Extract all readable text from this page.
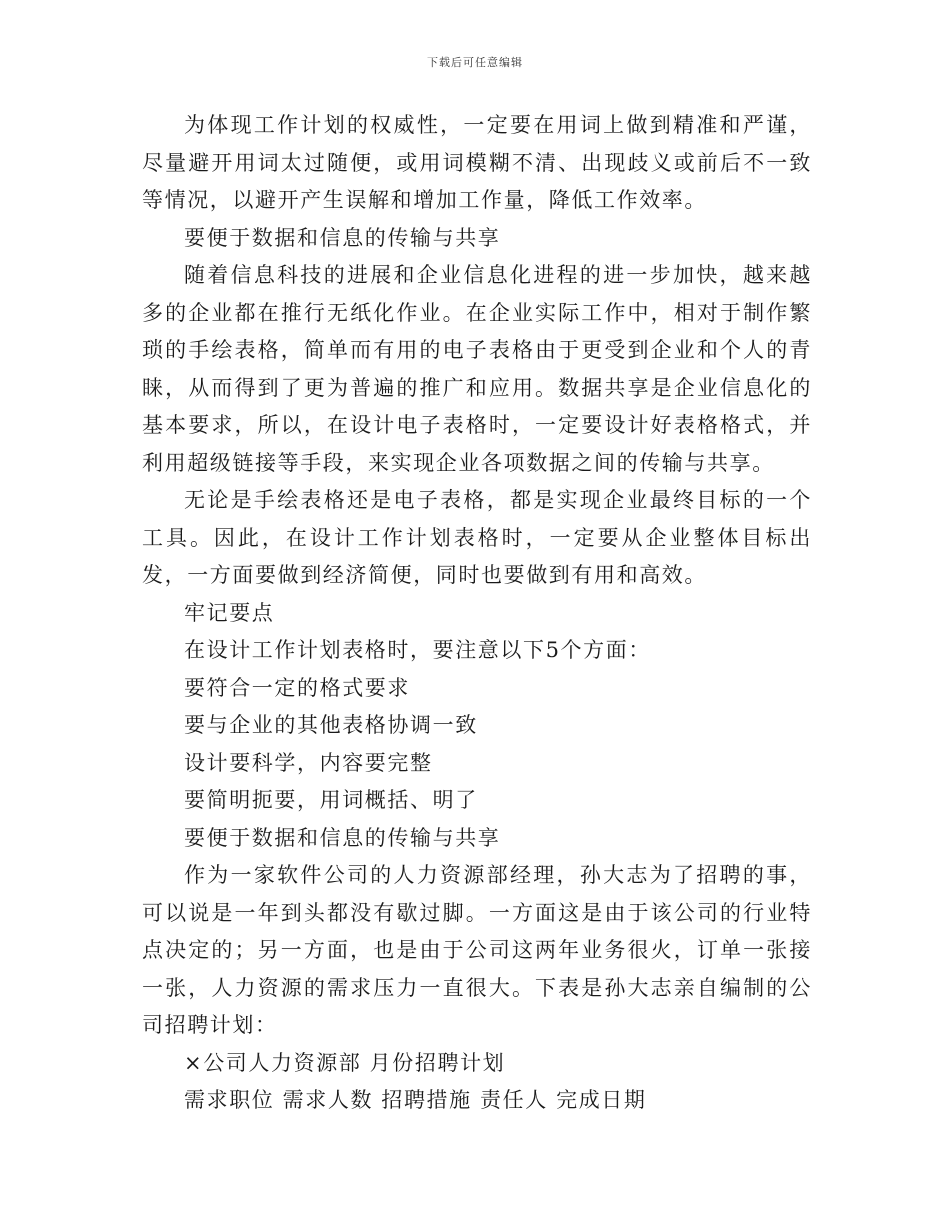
下载后可任意编辑

为体现工作计划的权威性，一定要在用词上做到精准和严谨，尽量避开用词太过随便，或用词模糊不清、出现歧义或前后不一致等情况，以避开产生误解和增加工作量，降低工作效率。

要便于数据和信息的传输与共享

随着信息科技的进展和企业信息化进程的进一步加快，越来越多的企业都在推行无纸化作业。在企业实际工作中，相对于制作繁琐的手绘表格，简单而有用的电子表格由于更受到企业和个人的青睐，从而得到了更为普遍的推广和应用。数据共享是企业信息化的基本要求，所以，在设计电子表格时，一定要设计好表格格式，并利用超级链接等手段，来实现企业各项数据之间的传输与共享。

无论是手绘表格还是电子表格，都是实现企业最终目标的一个工具。因此，在设计工作计划表格时，一定要从企业整体目标出发，一方面要做到经济简便，同时也要做到有用和高效。

牢记要点

在设计工作计划表格时，要注意以下5个方面：

要符合一定的格式要求

要与企业的其他表格协调一致

设计要科学，内容要完整

要简明扼要，用词概括、明了

要便于数据和信息的传输与共享

作为一家软件公司的人力资源部经理，孙大志为了招聘的事，可以说是一年到头都没有歇过脚。一方面这是由于该公司的行业特点决定的；另一方面，也是由于公司这两年业务很火，订单一张接一张，人力资源的需求压力一直很大。下表是孙大志亲自编制的公司招聘计划：

×公司人力资源部 月份招聘计划

需求职位 需求人数 招聘措施 责任人 完成日期
